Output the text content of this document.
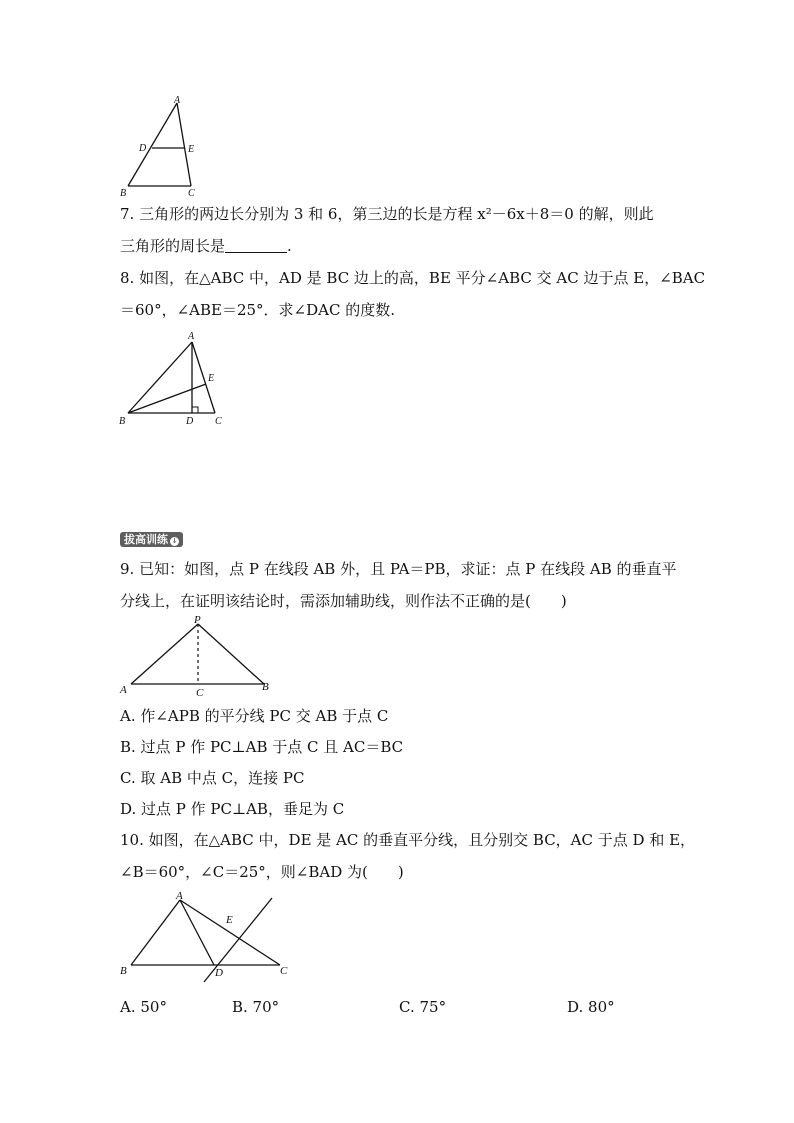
A
D	E
B	C
7. 三角形的两边长分别为 3 和 6，第三边的长是方程 x²－6x＋8＝0 的解，则此
三角形的周长是	.
8. 如图，在△ABC 中，AD 是 BC 边上的高，BE 平分∠ABC 交 AC 边于点 E，∠BAC
＝60°，∠ABE＝25°．求∠DAC 的度数.
A
E
B	D C
拔高训练 ↓
9. 已知：如图，点 P 在线段 AB 外，且 PA＝PB，求证：点 P 在线段 AB 的垂直平
分线上，在证明该结论时，需添加辅助线，则作法不正确的是(　　)
P
A	C	B
A. 作∠APB 的平分线 PC 交 AB 于点 C
B. 过点 P 作 PC⊥AB 于点 C 且 AC＝BC
C. 取 AB 中点 C，连接 PC
D. 过点 P 作 PC⊥AB，垂足为 C
10. 如图，在△ABC 中，DE 是 AC 的垂直平分线，且分别交 BC，AC 于点 D 和 E，
∠B＝60°，∠C＝25°，则∠BAD 为(　　)
A
E
B	D	C
A. 50°	B. 70°	C. 75°	D. 80°
